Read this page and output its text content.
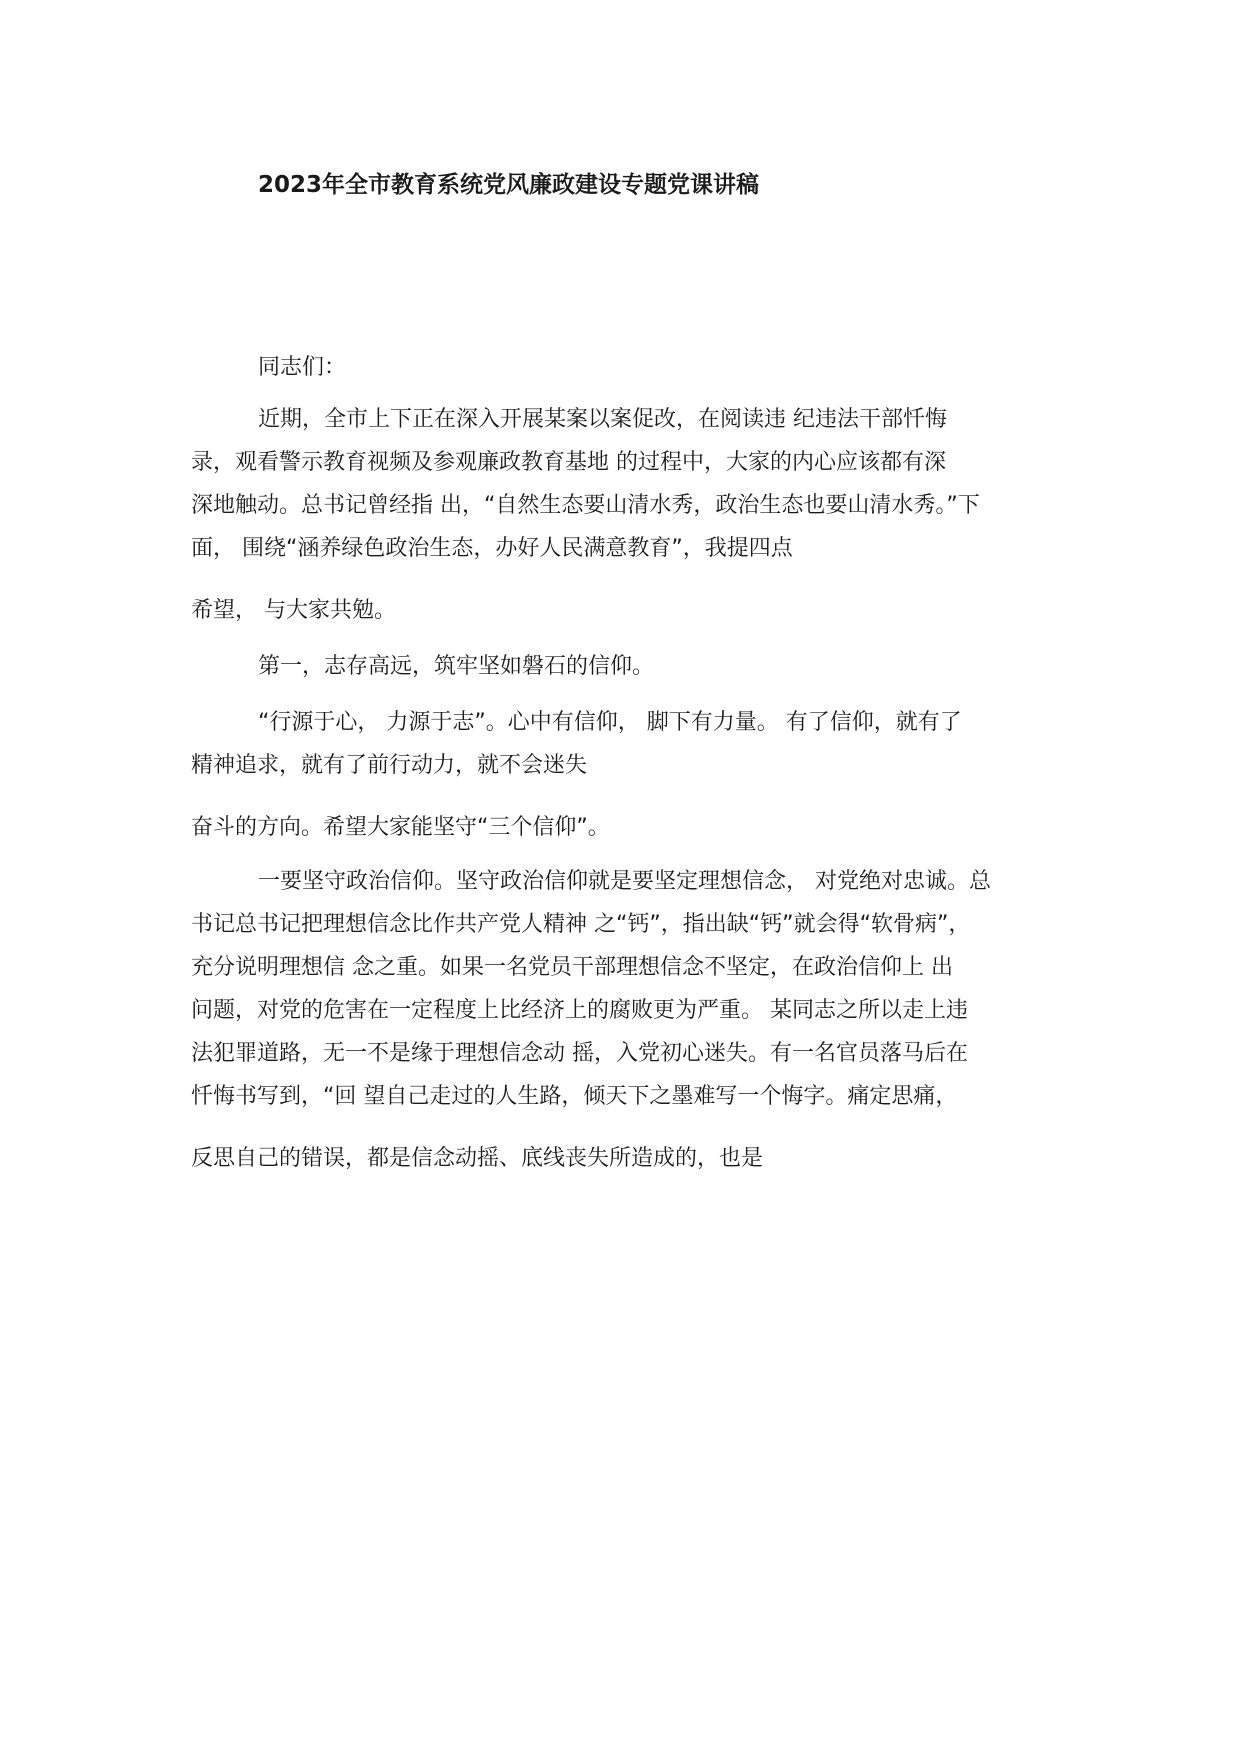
2023年全市教育系统党风廉政建设专题党课讲稿
同志们：
近期，全市上下正在深入开展某案以案促改，在阅读违 纪违法干部忏悔
录，观看警示教育视频及参观廉政教育基地 的过程中，大家的内心应该都有深
深地触动。总书记曾经指 出，“自然生态要山清水秀，政治生态也要山清水秀。”下
面， 围绕“涵养绿色政治生态，办好人民满意教育”，我提四点
希望， 与大家共勉。
第一，志存高远，筑牢坚如磐石的信仰。
“行源于心， 力源于志”。心中有信仰， 脚下有力量。 有了信仰，就有了
精神追求，就有了前行动力，就不会迷失
奋斗的方向。希望大家能坚守“三个信仰”。
一要坚守政治信仰。坚守政治信仰就是要坚定理想信念， 对党绝对忠诚。总
书记总书记把理想信念比作共产党人精神 之“钙”，指出缺“钙”就会得“软骨病”，
充分说明理想信 念之重。如果一名党员干部理想信念不坚定，在政治信仰上 出
问题，对党的危害在一定程度上比经济上的腐败更为严重。 某同志之所以走上违
法犯罪道路，无一不是缘于理想信念动 摇，入党初心迷失。有一名官员落马后在
忏悔书写到，“回 望自己走过的人生路，倾天下之墨难写一个悔字。痛定思痛，
反思自己的错误，都是信念动摇、底线丧失所造成的，也是
